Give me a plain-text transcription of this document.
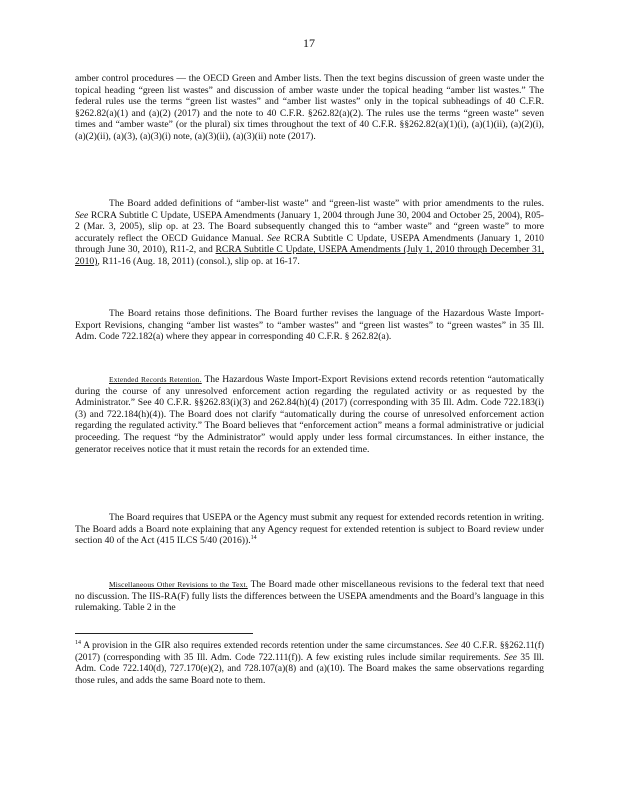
17

amber control procedures — the OECD Green and Amber lists. Then the text begins discussion of green waste under the topical heading “green list wastes” and discussion of amber waste under the topical heading “amber list wastes.” The federal rules use the terms “green list wastes” and “amber list wastes” only in the topical subheadings of 40 C.F.R. §262.82(a)(1) and (a)(2) (2017) and the note to 40 C.F.R. §262.82(a)(2). The rules use the terms “green waste” seven times and “amber waste” (or the plural) six times throughout the text of 40 C.F.R. §§262.82(a)(1)(i), (a)(1)(ii), (a)(2)(i), (a)(2)(ii), (a)(3), (a)(3)(i) note, (a)(3)(ii), (a)(3)(ii) note (2017).

The Board added definitions of “amber-list waste” and “green-list waste” with prior amendments to the rules. See RCRA Subtitle C Update, USEPA Amendments (January 1, 2004 through June 30, 2004 and October 25, 2004), R05-2 (Mar. 3, 2005), slip op. at 23. The Board subsequently changed this to “amber waste” and “green waste” to more accurately reflect the OECD Guidance Manual. See RCRA Subtitle C Update, USEPA Amendments (January 1, 2010 through June 30, 2010), R11-2, and RCRA Subtitle C Update, USEPA Amendments (July 1, 2010 through December 31, 2010), R11-16 (Aug. 18, 2011) (consol.), slip op. at 16-17.

The Board retains those definitions. The Board further revises the language of the Hazardous Waste Import-Export Revisions, changing “amber list wastes” to “amber wastes” and “green list wastes” to “green wastes” in 35 Ill. Adm. Code 722.182(a) where they appear in corresponding 40 C.F.R. § 262.82(a).

Extended Records Retention. The Hazardous Waste Import-Export Revisions extend records retention “automatically during the course of any unresolved enforcement action regarding the regulated activity or as requested by the Administrator.” See 40 C.F.R. §§262.83(i)(3) and 262.84(h)(4) (2017) (corresponding with 35 Ill. Adm. Code 722.183(i)(3) and 722.184(h)(4)). The Board does not clarify “automatically during the course of unresolved enforcement action regarding the regulated activity.” The Board believes that “enforcement action” means a formal administrative or judicial proceeding. The request “by the Administrator” would apply under less formal circumstances. In either instance, the generator receives notice that it must retain the records for an extended time.

The Board requires that USEPA or the Agency must submit any request for extended records retention in writing. The Board adds a Board note explaining that any Agency request for extended retention is subject to Board review under section 40 of the Act (415 ILCS 5/40 (2016)).$^{14}$

Miscellaneous Other Revisions to the Text. The Board made other miscellaneous revisions to the federal text that need no discussion. The IIS-RA(F) fully lists the differences between the USEPA amendments and the Board’s language in this rulemaking. Table 2 in the

$^{14}$ A provision in the GIR also requires extended records retention under the same circumstances. See 40 C.F.R. §§262.11(f) (2017) (corresponding with 35 Ill. Adm. Code 722.111(f)). A few existing rules include similar requirements. See 35 Ill. Adm. Code 722.140(d), 727.170(e)(2), and 728.107(a)(8) and (a)(10). The Board makes the same observations regarding those rules, and adds the same Board note to them.
